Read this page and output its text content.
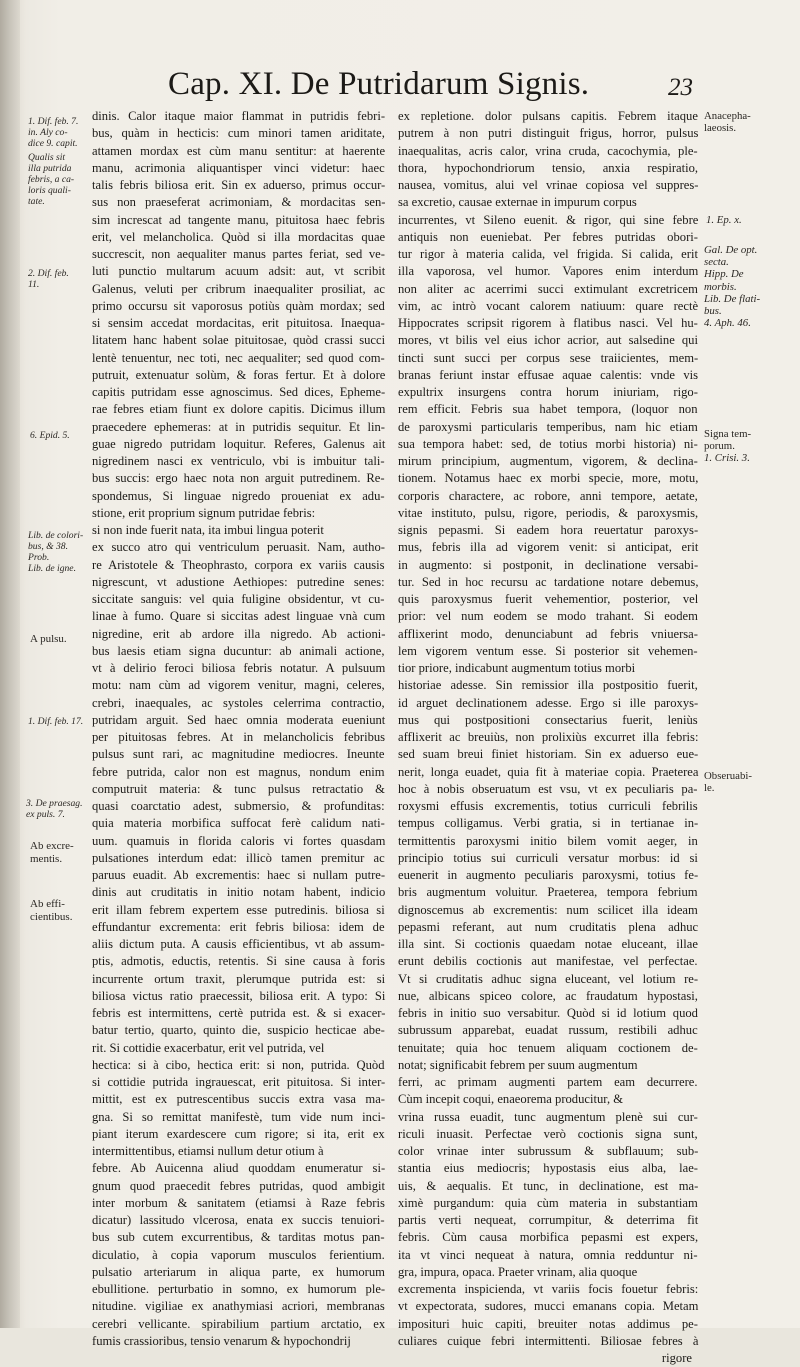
Cap. XI. De Putridarum Signis.	23
dinis. Calor itaque maior flammat in putridis febri-
bus, quàm in hecticis: cum minori tamen ariditate,
attamen mordax est cùm manu sentitur: at haerente
manu, acrimonia aliquantisper vinci videtur: haec
talis febris biliosa erit. Sin ex aduerso, primus occur-
sus non praeseferat acrimoniam, & mordacitas sen-
sim increscat ad tangente manu, pituitosa haec febris
erit, vel melancholica. Quòd si illa mordacitas quae
succrescit, non aequaliter manus partes feriat, sed ve-
luti punctio multarum acuum adsit: aut, vt scribit
Galenus, veluti per cribrum inaequaliter prosiliat, ac
primo occursu sit vaporosus potiùs quàm mordax; sed
si sensim accedat mordacitas, erit pituitosa. Inaequa-
litatem hanc habent solae pituitosae, quòd crassi succi
lentè tenuentur, nec toti, nec aequaliter; sed quod com-
putruit, extenuatur solùm, & foras fertur. Et à dolore
capitis putridam esse agnoscimus. Sed dices, Epheme-
rae febres etiam fiunt ex dolore capitis. Dicimus illum
praecedere ephemeras: at in putridis sequitur. Et lin-
guae nigredo putridam loquitur. Referes, Galenus ait
nigredinem nasci ex ventriculo, vbi is imbuitur tali-
bus succis: ergo haec nota non arguit putredinem. Re-
spondemus, Si linguae nigredo proueniat ex adu-
stione, erit proprium signum putridae febris:
si non inde fuerit nata, ita imbui lingua poterit
ex succo atro qui ventriculum peruasit. Nam, autho-
re Aristotele & Theophrasto, corpora ex variis causis
nigrescunt, vt adustione Aethiopes: putredine senes:
siccitate sanguis: vel quia fuligine obsidentur, vt cu-
linae à fumo. Quare si siccitas adest linguae vnà cum
nigredine, erit ab ardore illa nigredo. Ab actioni-
bus laesis etiam signa ducuntur: ab animali actione,
vt à delirio feroci biliosa febris notatur. A pulsuum
motu: nam cùm ad vigorem venitur, magni, celeres,
crebri, inaequales, ac systoles celerrima contractio,
putridam arguit. Sed haec omnia moderata eueniunt
per pituitosas febres. At in melancholicis febribus
pulsus sunt rari, ac magnitudine mediocres. Ineunte
febre putrida, calor non est magnus, nondum enim
computruit materia: & tunc pulsus retractatio &
quasi coarctatio adest, submersio, & profunditas:
quia materia morbifica suffocat ferè calidum nati-
uum. quamuis in florida caloris vi fortes quasdam
pulsationes interdum edat: illicò tamen premitur ac
paruus euadit. Ab excrementis: haec si nullam putre-
dinis aut cruditatis in initio notam habent, indicio
erit illam febrem expertem esse putredinis. biliosa si
effundantur excrementa: erit febris biliosa: idem de
aliis dictum puta. A causis efficientibus, vt ab assum-
ptis, admotis, eductis, retentis. Si sine causa à foris
incurrente ortum traxit, plerumque putrida est: si
biliosa victus ratio praecessit, biliosa erit. A typo: Si
febris est intermittens, certè putrida est. & si exacer-
batur tertio, quarto, quinto die, suspicio hecticae abe-
rit. Si cottidie exacerbatur, erit vel putrida, vel
hectica: si à cibo, hectica erit: si non, putrida. Quòd
si cottidie putrida ingrauescat, erit pituitosa. Si inter-
mittit, est ex putrescentibus succis extra vasa ma-
gna. Si so remittat manifestè, tum vide num inci-
piant iterum exardescere cum rigore; si ita, erit ex
intermittentibus, etiamsi nullum detur otium à
febre. Ab Auicenna aliud quoddam enumeratur si-
gnum quod praecedit febres putridas, quod ambigit
inter morbum & sanitatem (etiamsi à Raze febris
dicatur) lassitudo vlcerosa, enata ex succis tenuiori-
bus sub cutem excurrentibus, & tarditas motus pan-
diculatio, à copia vaporum musculos ferientium.
pulsatio arteriarum in aliqua parte, ex humorum
ebullitione. perturbatio in somno, ex humorum ple-
nitudine. vigiliae ex anathymiasi acriori, membranas
cerebri vellicante. spirabilium partium arctatio, ex
fumis crassioribus, tensio venarum & hypochondrij
ex repletione. dolor pulsans capitis. Febrem itaque
putrem à non putri distinguit frigus, horror, pulsus
inaequalitas, acris calor, vrina cruda, cacochymia, ple-
thora, hypochondriorum tensio, anxia respiratio,
nausea, vomitus, alui vel vrinae copiosa vel suppres-
sa excretio, causae externae in impurum corpus
incurrentes, vt Sileno euenit. & rigor, qui sine febre
antiquis non eueniebat. Per febres putridas obori-
tur rigor à materia calida, vel frigida. Si calida, erit
illa vaporosa, vel humor. Vapores enim interdum
non aliter ac acerrimi succi extimulant excretricem
vim, ac intrò vocant calorem natiuum: quare rectè
Hippocrates scripsit rigorem à flatibus nasci. Vel hu-
mores, vt bilis vel eius ichor acrior, aut salsedine qui
tincti sunt succi per corpus sese traiicientes, mem-
branas feriunt instar effusae aquae calentis: vnde vis
expultrix insurgens contra horum iniuriam, rigo-
rem efficit. Febris sua habet tempora, (loquor non
de paroxysmi particularis temperibus, nam hic etiam
sua tempora habet: sed, de totius morbi historia) ni-
mirum principium, augmentum, vigorem, & declina-
tionem. Notamus haec ex morbi specie, more, motu,
corporis charactere, ac robore, anni tempore, aetate,
vitae instituto, pulsu, rigore, periodis, & paroxysmis,
signis pepasmi. Si eadem hora reuertatur paroxys-
mus, febris illa ad vigorem venit: si anticipat, erit
in augmento: si postponit, in declinatione versabi-
tur. Sed in hoc recursu ac tardatione notare debemus,
quis paroxysmus fuerit vehementior, posterior, vel
prior: vel num eodem se modo trahant. Si eodem
afflixerint modo, denunciabunt ad febris vniuersa-
lem vigorem ventum esse. Si posterior sit vehemen-
tior priore, indicabunt augmentum totius morbi
historiae adesse. Sin remissior illa postpositio fuerit,
id arguet declinationem adesse. Ergo si ille paroxys-
mus qui postpositioni consectarius fuerit, leniùs
afflixerit ac breuiùs, non prolixiùs excurret illa febris:
sed suam breui finiet historiam. Sin ex aduerso eue-
nerit, longa euadet, quia fit à materiae copia. Praeterea
hoc à nobis obseruatum est vsu, vt ex peculiaris pa-
roxysmi effusis excrementis, totius curriculi febrilis
tempus colligamus. Verbi gratia, si in tertianae in-
termittentis paroxysmi initio bilem vomit aeger, in
principio totius sui curriculi versatur morbus: id si
euenerit in augmento peculiaris paroxysmi, totius fe-
bris augmentum voluitur. Praeterea, tempora febrium
dignoscemus ab excrementis: num scilicet illa ideam
pepasmi referant, aut num cruditatis plena adhuc
illa sint. Si coctionis quaedam notae eluceant, illae
erunt debilis coctionis aut manifestae, vel perfectae.
Vt si cruditatis adhuc signa eluceant, vel lotium re-
nue, albicans spiceo colore, ac fraudatum hypostasi,
febris in initio suo versabitur. Quòd si id lotium quod
subrussum apparebat, euadat russum, restibili adhuc
tenuitate; quia hoc tenuem aliquam coctionem de-
notat; significabit febrem per suum augmentum
ferri, ac primam augmenti partem eam decurrere.
Cùm incepit coqui, enaeorema producitur, &
vrina russa euadit, tunc augmentum plenè sui cur-
riculi inuasit. Perfectae verò coctionis signa sunt,
color vrinae inter subrussum & subflauum; sub-
stantia eius mediocris; hypostasis eius alba, lae-
uis, & aequalis. Et tunc, in declinatione, est ma-
ximè purgandum: quia cùm materia in substantiam
partis verti nequeat, corrumpitur, & deterrima fit
febris. Cùm causa morbifica pepasmi est expers,
ita vt vinci nequeat à natura, omnia redduntur ni-
gra, impura, opaca. Praeter vrinam, alia quoque
excrementa inspicienda, vt variis focis fouetur febris:
vt expectorata, sudores, mucci emanans copia. Metam
imposituri huic capiti, breuiter notas addimus pe-
culiares cuique febri intermittenti. Biliosae febres à
rigore
1. Dif. feb. 7.
in. Aly co-
dice 9. capit.
Qualis sit
illa putrida
febris, a ca-
loris quali-
tate.
2. Dif. feb.
11.
6. Epid. 5.
Lib. de colori-
bus, & 38.
Prob.
Lib. de igne.
A pulsu.
1. Dif. feb. 17.
3. De praesag.
ex puls. 7.
Ab excre-
mentis.
Ab effi-
cientibus.
Anacepha-
laeosis.
1. Ep. x.
Gal. De opt.
secta.
Hipp. De
morbis.
Lib. De flati-
bus.
4. Aph. 46.
Signa tem-
porum.
1. Crisi. 3.
Obseruabi-
le.
